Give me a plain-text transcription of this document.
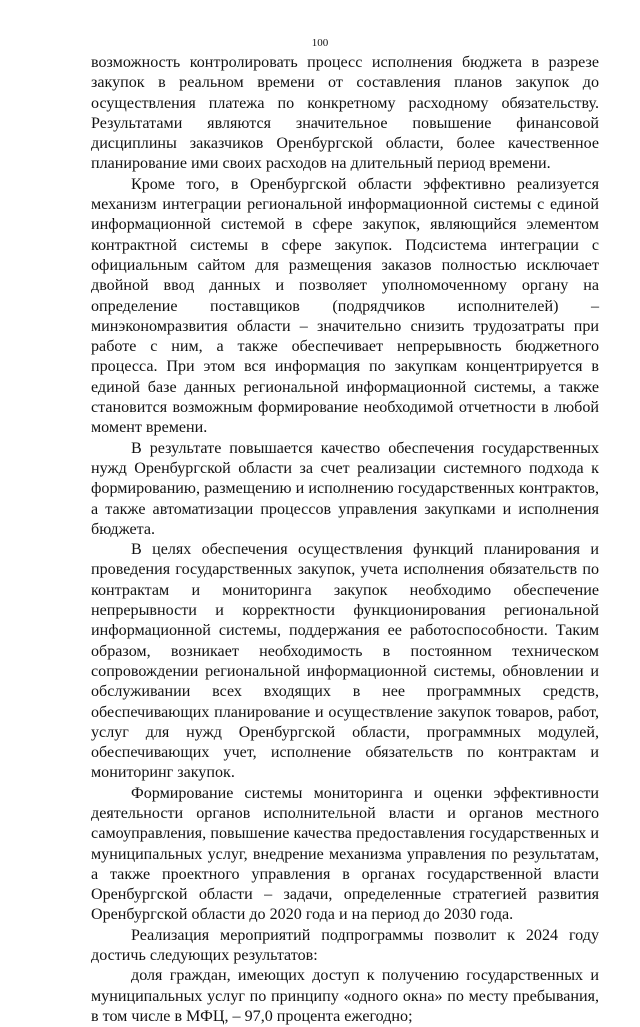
100

возможность контролировать процесс исполнения бюджета в разрезе закупок в реальном времени от составления планов закупок до осуществления платежа по конкретному расходному обязательству. Результатами являются значительное повышение финансовой дисциплины заказчиков Оренбургской области, более качественное планирование ими своих расходов на длительный период времени.

Кроме того, в Оренбургской области эффективно реализуется механизм интеграции региональной информационной системы с единой информационной системой в сфере закупок, являющийся элементом контрактной системы в сфере закупок. Подсистема интеграции с официальным сайтом для размещения заказов полностью исключает двойной ввод данных и позволяет уполномоченному органу на определение поставщиков (подрядчиков исполнителей) – минэкономразвития области – значительно снизить трудозатраты при работе с ним, а также обеспечивает непрерывность бюджетного процесса. При этом вся информация по закупкам концентрируется в единой базе данных региональной информационной системы, а также становится возможным формирование необходимой отчетности в любой момент времени.

В результате повышается качество обеспечения государственных нужд Оренбургской области за счет реализации системного подхода к формированию, размещению и исполнению государственных контрактов, а также автоматизации процессов управления закупками и исполнения бюджета.

В целях обеспечения осуществления функций планирования и проведения государственных закупок, учета исполнения обязательств по контрактам и мониторинга закупок необходимо обеспечение непрерывности и корректности функционирования региональной информационной системы, поддержания ее работоспособности. Таким образом, возникает необходимость в постоянном техническом сопровождении региональной информационной системы, обновлении и обслуживании всех входящих в нее программных средств, обеспечивающих планирование и осуществление закупок товаров, работ, услуг для нужд Оренбургской области, программных модулей, обеспечивающих учет, исполнение обязательств по контрактам и мониторинг закупок.

Формирование системы мониторинга и оценки эффективности деятельности органов исполнительной власти и органов местного самоуправления, повышение качества предоставления государственных и муниципальных услуг, внедрение механизма управления по результатам, а также проектного управления в органах государственной власти Оренбургской области – задачи, определенные стратегией развития Оренбургской области до 2020 года и на период до 2030 года.

Реализация мероприятий подпрограммы позволит к 2024 году достичь следующих результатов:

доля граждан, имеющих доступ к получению государственных и муниципальных услуг по принципу «одного окна» по месту пребывания, в том числе в МФЦ, – 97,0 процента ежегодно;
